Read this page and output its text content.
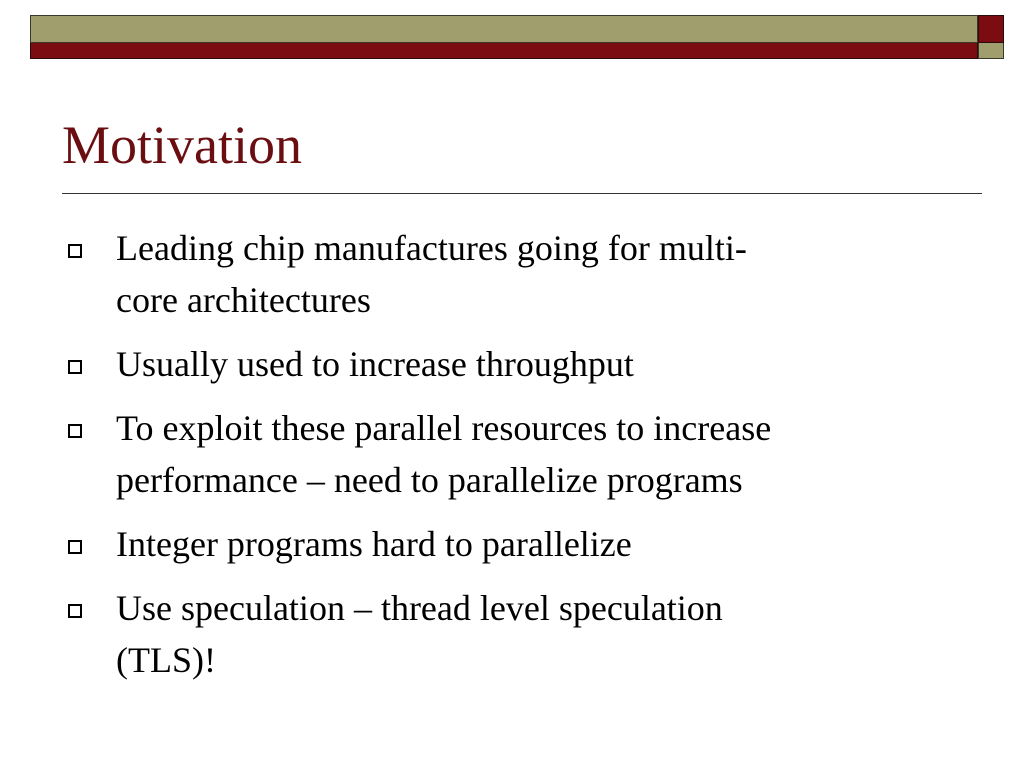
Motivation
Leading chip manufactures going for multi-
core architectures
Usually used to increase throughput
To exploit these parallel resources to increase
performance – need to parallelize programs
Integer programs hard to parallelize
Use speculation – thread level speculation
(TLS)!
